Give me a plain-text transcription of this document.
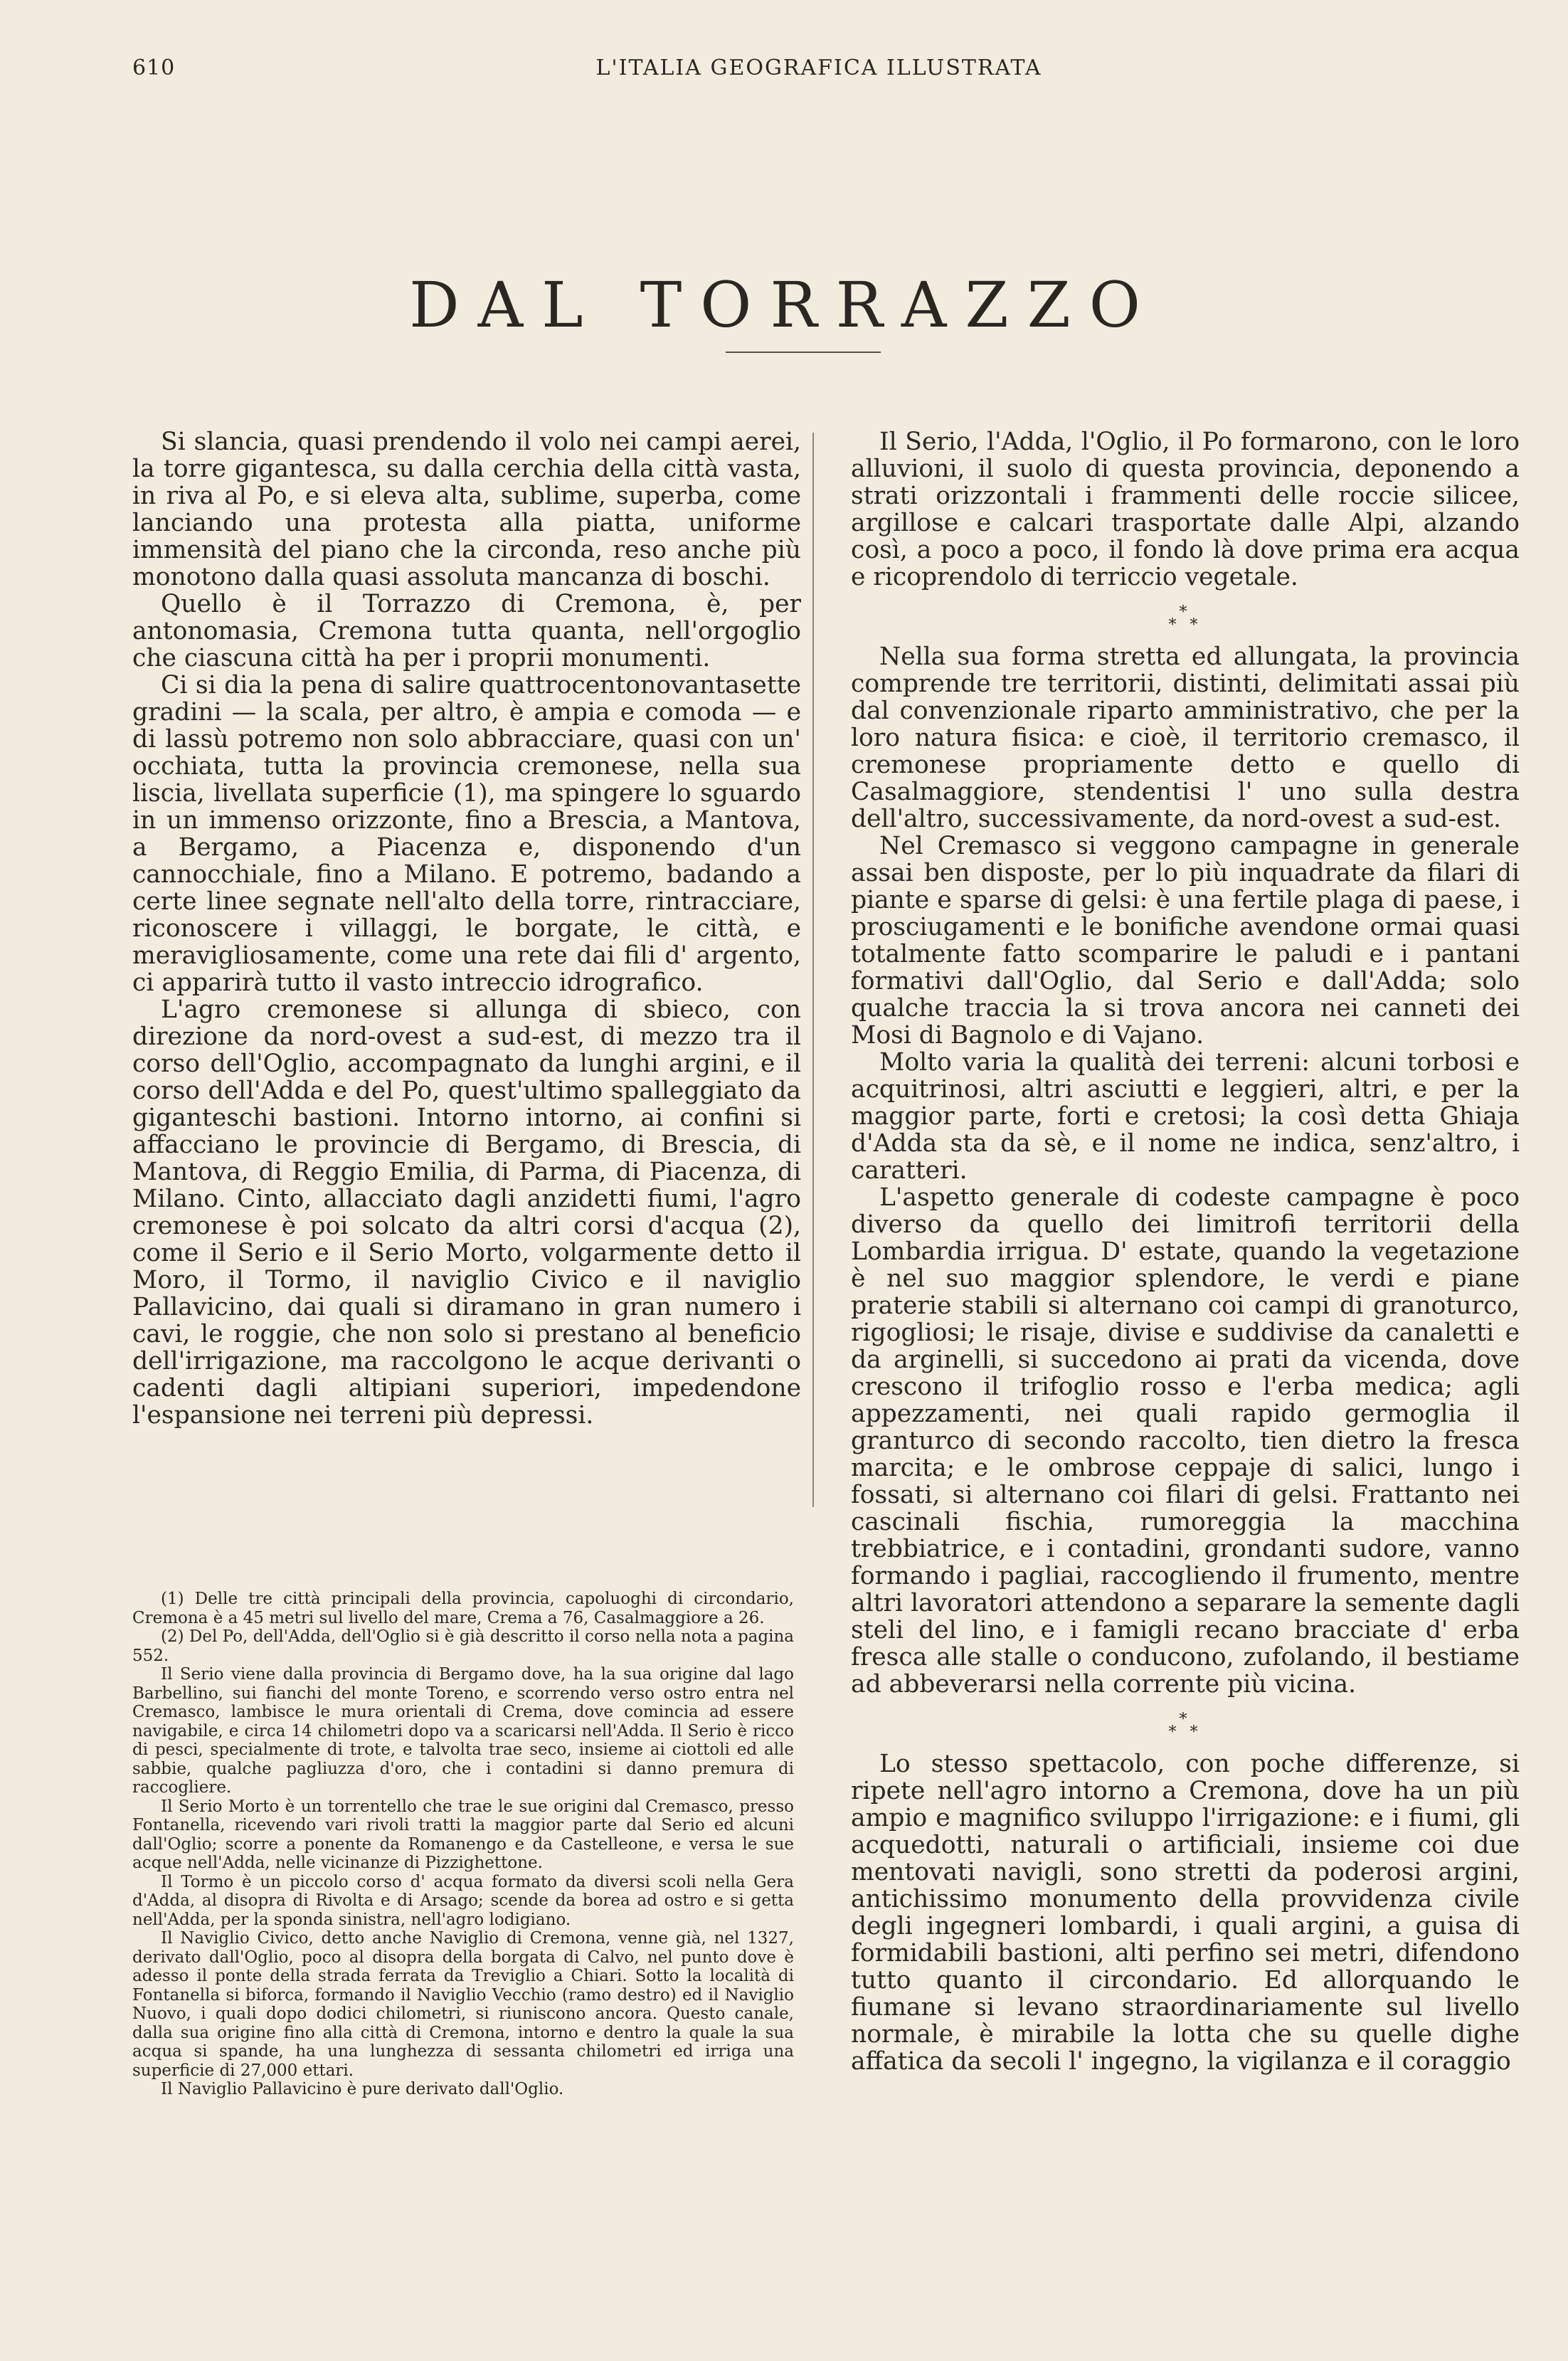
610	L'ITALIA GEOGRAFICA ILLUSTRATA
DAL TORRAZZO

Si slancia, quasi prendendo il volo nei campi aerei, la torre gigantesca, su dalla cerchia della città vasta, in riva al Po, e si eleva alta, sublime, superba, come lanciando una protesta alla piatta, uniforme immensità del piano che la circonda, reso anche più monotono dalla quasi assoluta mancanza di boschi.

Quello è il Torrazzo di Cremona, è, per antonomasia, Cremona tutta quanta, nell'orgoglio che ciascuna città ha per i proprii monumenti.

Ci si dia la pena di salire quattrocentonovantasette gradini — la scala, per altro, è ampia e comoda — e di lassù potremo non solo abbracciare, quasi con un' occhiata, tutta la provincia cremonese, nella sua liscia, livellata superficie (1), ma spingere lo sguardo in un immenso orizzonte, fino a Brescia, a Mantova, a Bergamo, a Piacenza e, disponendo d'un cannocchiale, fino a Milano. E potremo, badando a certe linee segnate nell'alto della torre, rintracciare, riconoscere i villaggi, le borgate, le città, e meravigliosamente, come una rete dai fili d' argento, ci apparirà tutto il vasto intreccio idrografico.

L'agro cremonese si allunga di sbieco, con direzione da nord-ovest a sud-est, di mezzo tra il corso dell'Oglio, accompagnato da lunghi argini, e il corso dell'Adda e del Po, quest'ultimo spalleggiato da giganteschi bastioni. Intorno intorno, ai confini si affacciano le provincie di Bergamo, di Brescia, di Mantova, di Reggio Emilia, di Parma, di Piacenza, di Milano. Cinto, allacciato dagli anzidetti fiumi, l'agro cremonese è poi solcato da altri corsi d'acqua (2), come il Serio e il Serio Morto, volgarmente detto il Moro, il Tormo, il naviglio Civico e il naviglio Pallavicino, dai quali si diramano in gran numero i cavi, le roggie, che non solo si prestano al beneficio dell'irrigazione, ma raccolgono le acque derivanti o cadenti dagli altipiani superiori, impedendone l'espansione nei terreni più depressi.

(1) Delle tre città principali della provincia, capoluoghi di circondario, Cremona è a 45 metri sul livello del mare, Crema a 76, Casalmaggiore a 26.

(2) Del Po, dell'Adda, dell'Oglio si è già descritto il corso nella nota a pagina 552.

Il Serio viene dalla provincia di Bergamo dove, ha la sua origine dal lago Barbellino, sui fianchi del monte Toreno, e scorrendo verso ostro entra nel Cremasco, lambisce le mura orientali di Crema, dove comincia ad essere navigabile, e circa 14 chilometri dopo va a scaricarsi nell'Adda. Il Serio è ricco di pesci, specialmente di trote, e talvolta trae seco, insieme ai ciottoli ed alle sabbie, qualche pagliuzza d'oro, che i contadini si danno premura di raccogliere.

Il Serio Morto è un torrentello che trae le sue origini dal Cremasco, presso Fontanella, ricevendo vari rivoli tratti la maggior parte dal Serio ed alcuni dall'Oglio; scorre a ponente da Romanengo e da Castelleone, e versa le sue acque nell'Adda, nelle vicinanze di Pizzighettone.

Il Tormo è un piccolo corso d' acqua formato da diversi scoli nella Gera d'Adda, al disopra di Rivolta e di Arsago; scende da borea ad ostro e si getta nell'Adda, per la sponda sinistra, nell'agro lodigiano.

Il Naviglio Civico, detto anche Naviglio di Cremona, venne già, nel 1327, derivato dall'Oglio, poco al disopra della borgata di Calvo, nel punto dove è adesso il ponte della strada ferrata da Treviglio a Chiari. Sotto la località di Fontanella si biforca, formando il Naviglio Vecchio (ramo destro) ed il Naviglio Nuovo, i quali dopo dodici chilometri, si riuniscono ancora. Questo canale, dalla sua origine fino alla città di Cremona, intorno e dentro la quale la sua acqua si spande, ha una lunghezza di sessanta chilometri ed irriga una superficie di 27,000 ettari.

Il Naviglio Pallavicino è pure derivato dall'Oglio.

Il Serio, l'Adda, l'Oglio, il Po formarono, con le loro alluvioni, il suolo di questa provincia, deponendo a strati orizzontali i frammenti delle roccie silicee, argillose e calcari trasportate dalle Alpi, alzando così, a poco a poco, il fondo là dove prima era acqua e ricoprendolo di terriccio vegetale.

*
* *

Nella sua forma stretta ed allungata, la provincia comprende tre territorii, distinti, delimitati assai più dal convenzionale riparto amministrativo, che per la loro natura fisica: e cioè, il territorio cremasco, il cremonese propriamente detto e quello di Casalmaggiore, stendentisi l' uno sulla destra dell'altro, successivamente, da nord-ovest a sud-est.

Nel Cremasco si veggono campagne in generale assai ben disposte, per lo più inquadrate da filari di piante e sparse di gelsi: è una fertile plaga di paese, i prosciugamenti e le bonifiche avendone ormai quasi totalmente fatto scomparire le paludi e i pantani formativi dall'Oglio, dal Serio e dall'Adda; solo qualche traccia la si trova ancora nei canneti dei Mosi di Bagnolo e di Vajano.

Molto varia la qualità dei terreni: alcuni torbosi e acquitrinosi, altri asciutti e leggieri, altri, e per la maggior parte, forti e cretosi; la così detta Ghiaja d'Adda sta da sè, e il nome ne indica, senz'altro, i caratteri.

L'aspetto generale di codeste campagne è poco diverso da quello dei limitrofi territorii della Lombardia irrigua. D' estate, quando la vegetazione è nel suo maggior splendore, le verdi e piane praterie stabili si alternano coi campi di granoturco, rigogliosi; le risaje, divise e suddivise da canaletti e da arginelli, si succedono ai prati da vicenda, dove crescono il trifoglio rosso e l'erba medica; agli appezzamenti, nei quali rapido germoglia il granturco di secondo raccolto, tien dietro la fresca marcita; e le ombrose ceppaje di salici, lungo i fossati, si alternano coi filari di gelsi. Frattanto nei cascinali fischia, rumoreggia la macchina trebbiatrice, e i contadini, grondanti sudore, vanno formando i pagliai, raccogliendo il frumento, mentre altri lavoratori attendono a separare la semente dagli steli del lino, e i famigli recano bracciate d' erba fresca alle stalle o conducono, zufolando, il bestiame ad abbeverarsi nella corrente più vicina.

*
* *

Lo stesso spettacolo, con poche differenze, si ripete nell'agro intorno a Cremona, dove ha un più ampio e magnifico sviluppo l'irrigazione: e i fiumi, gli acquedotti, naturali o artificiali, insieme coi due mentovati navigli, sono stretti da poderosi argini, antichissimo monumento della provvidenza civile degli ingegneri lombardi, i quali argini, a guisa di formidabili bastioni, alti perfino sei metri, difendono tutto quanto il circondario. Ed allorquando le fiumane si levano straordinariamente sul livello normale, è mirabile la lotta che su quelle dighe affatica da secoli l' ingegno, la vigilanza e il coraggio
